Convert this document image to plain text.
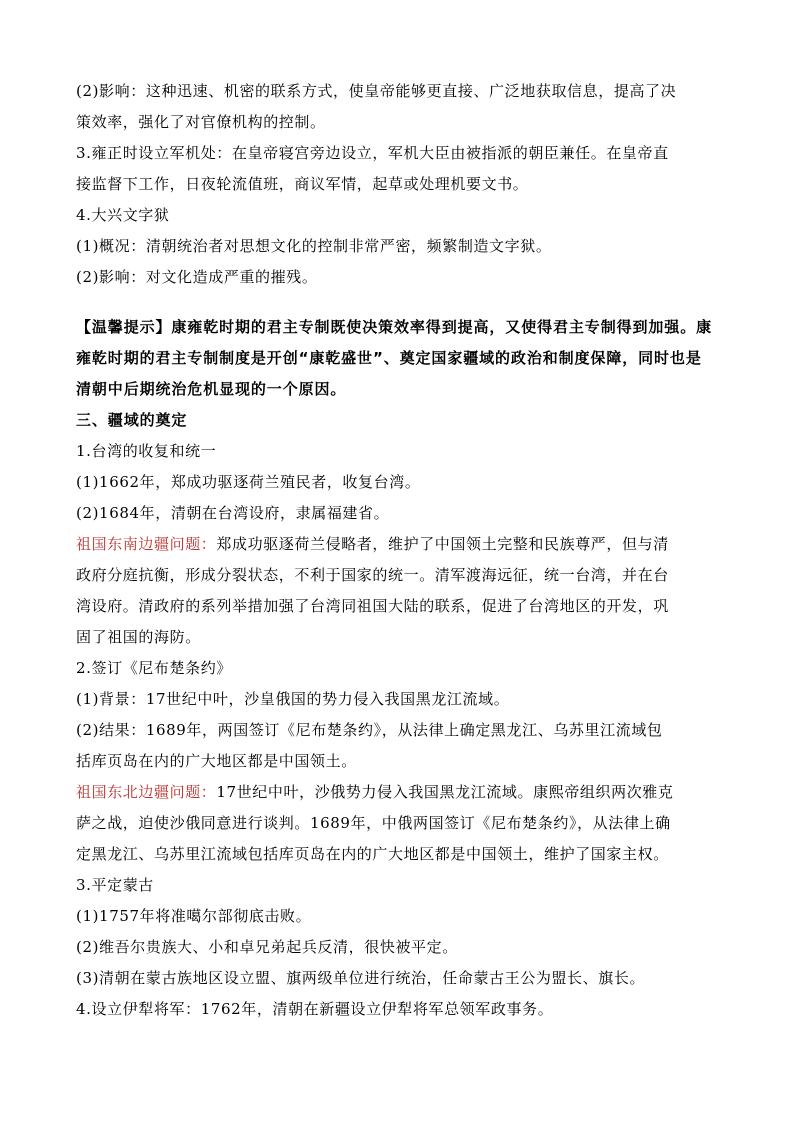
(2)影响：这种迅速、机密的联系方式，使皇帝能够更直接、广泛地获取信息，提高了决
策效率，强化了对官僚机构的控制。
3.雍正时设立军机处：在皇帝寝宫旁边设立，军机大臣由被指派的朝臣兼任。在皇帝直
接监督下工作，日夜轮流值班，商议军情，起草或处理机要文书。
4.大兴文字狱
(1)概况：清朝统治者对思想文化的控制非常严密，频繁制造文字狱。
(2)影响：对文化造成严重的摧残。
【温馨提示】康雍乾时期的君主专制既使决策效率得到提高，又使得君主专制得到加强。康
雍乾时期的君主专制制度是开创“康乾盛世”、奠定国家疆域的政治和制度保障，同时也是
清朝中后期统治危机显现的一个原因。
三、疆域的奠定
1.台湾的收复和统一
(1)1662年，郑成功驱逐荷兰殖民者，收复台湾。
(2)1684年，清朝在台湾设府，隶属福建省。
祖国东南边疆问题：郑成功驱逐荷兰侵略者，维护了中国领土完整和民族尊严，但与清
政府分庭抗衡，形成分裂状态，不利于国家的统一。清军渡海远征，统一台湾，并在台
湾设府。清政府的系列举措加强了台湾同祖国大陆的联系，促进了台湾地区的开发，巩
固了祖国的海防。
2.签订《尼布楚条约》
(1)背景：17世纪中叶，沙皇俄国的势力侵入我国黑龙江流域。
(2)结果：1689年，两国签订《尼布楚条约》，从法律上确定黑龙江、乌苏里江流域包
括库页岛在内的广大地区都是中国领土。
祖国东北边疆问题：17世纪中叶，沙俄势力侵入我国黑龙江流域。康熙帝组织两次雅克
萨之战，迫使沙俄同意进行谈判。1689年，中俄两国签订《尼布楚条约》，从法律上确
定黑龙江、乌苏里江流域包括库页岛在内的广大地区都是中国领土，维护了国家主权。
3.平定蒙古
(1)1757年将准噶尔部彻底击败。
(2)维吾尔贵族大、小和卓兄弟起兵反清，很快被平定。
(3)清朝在蒙古族地区设立盟、旗两级单位进行统治，任命蒙古王公为盟长、旗长。
4.设立伊犁将军：1762年，清朝在新疆设立伊犁将军总领军政事务。
